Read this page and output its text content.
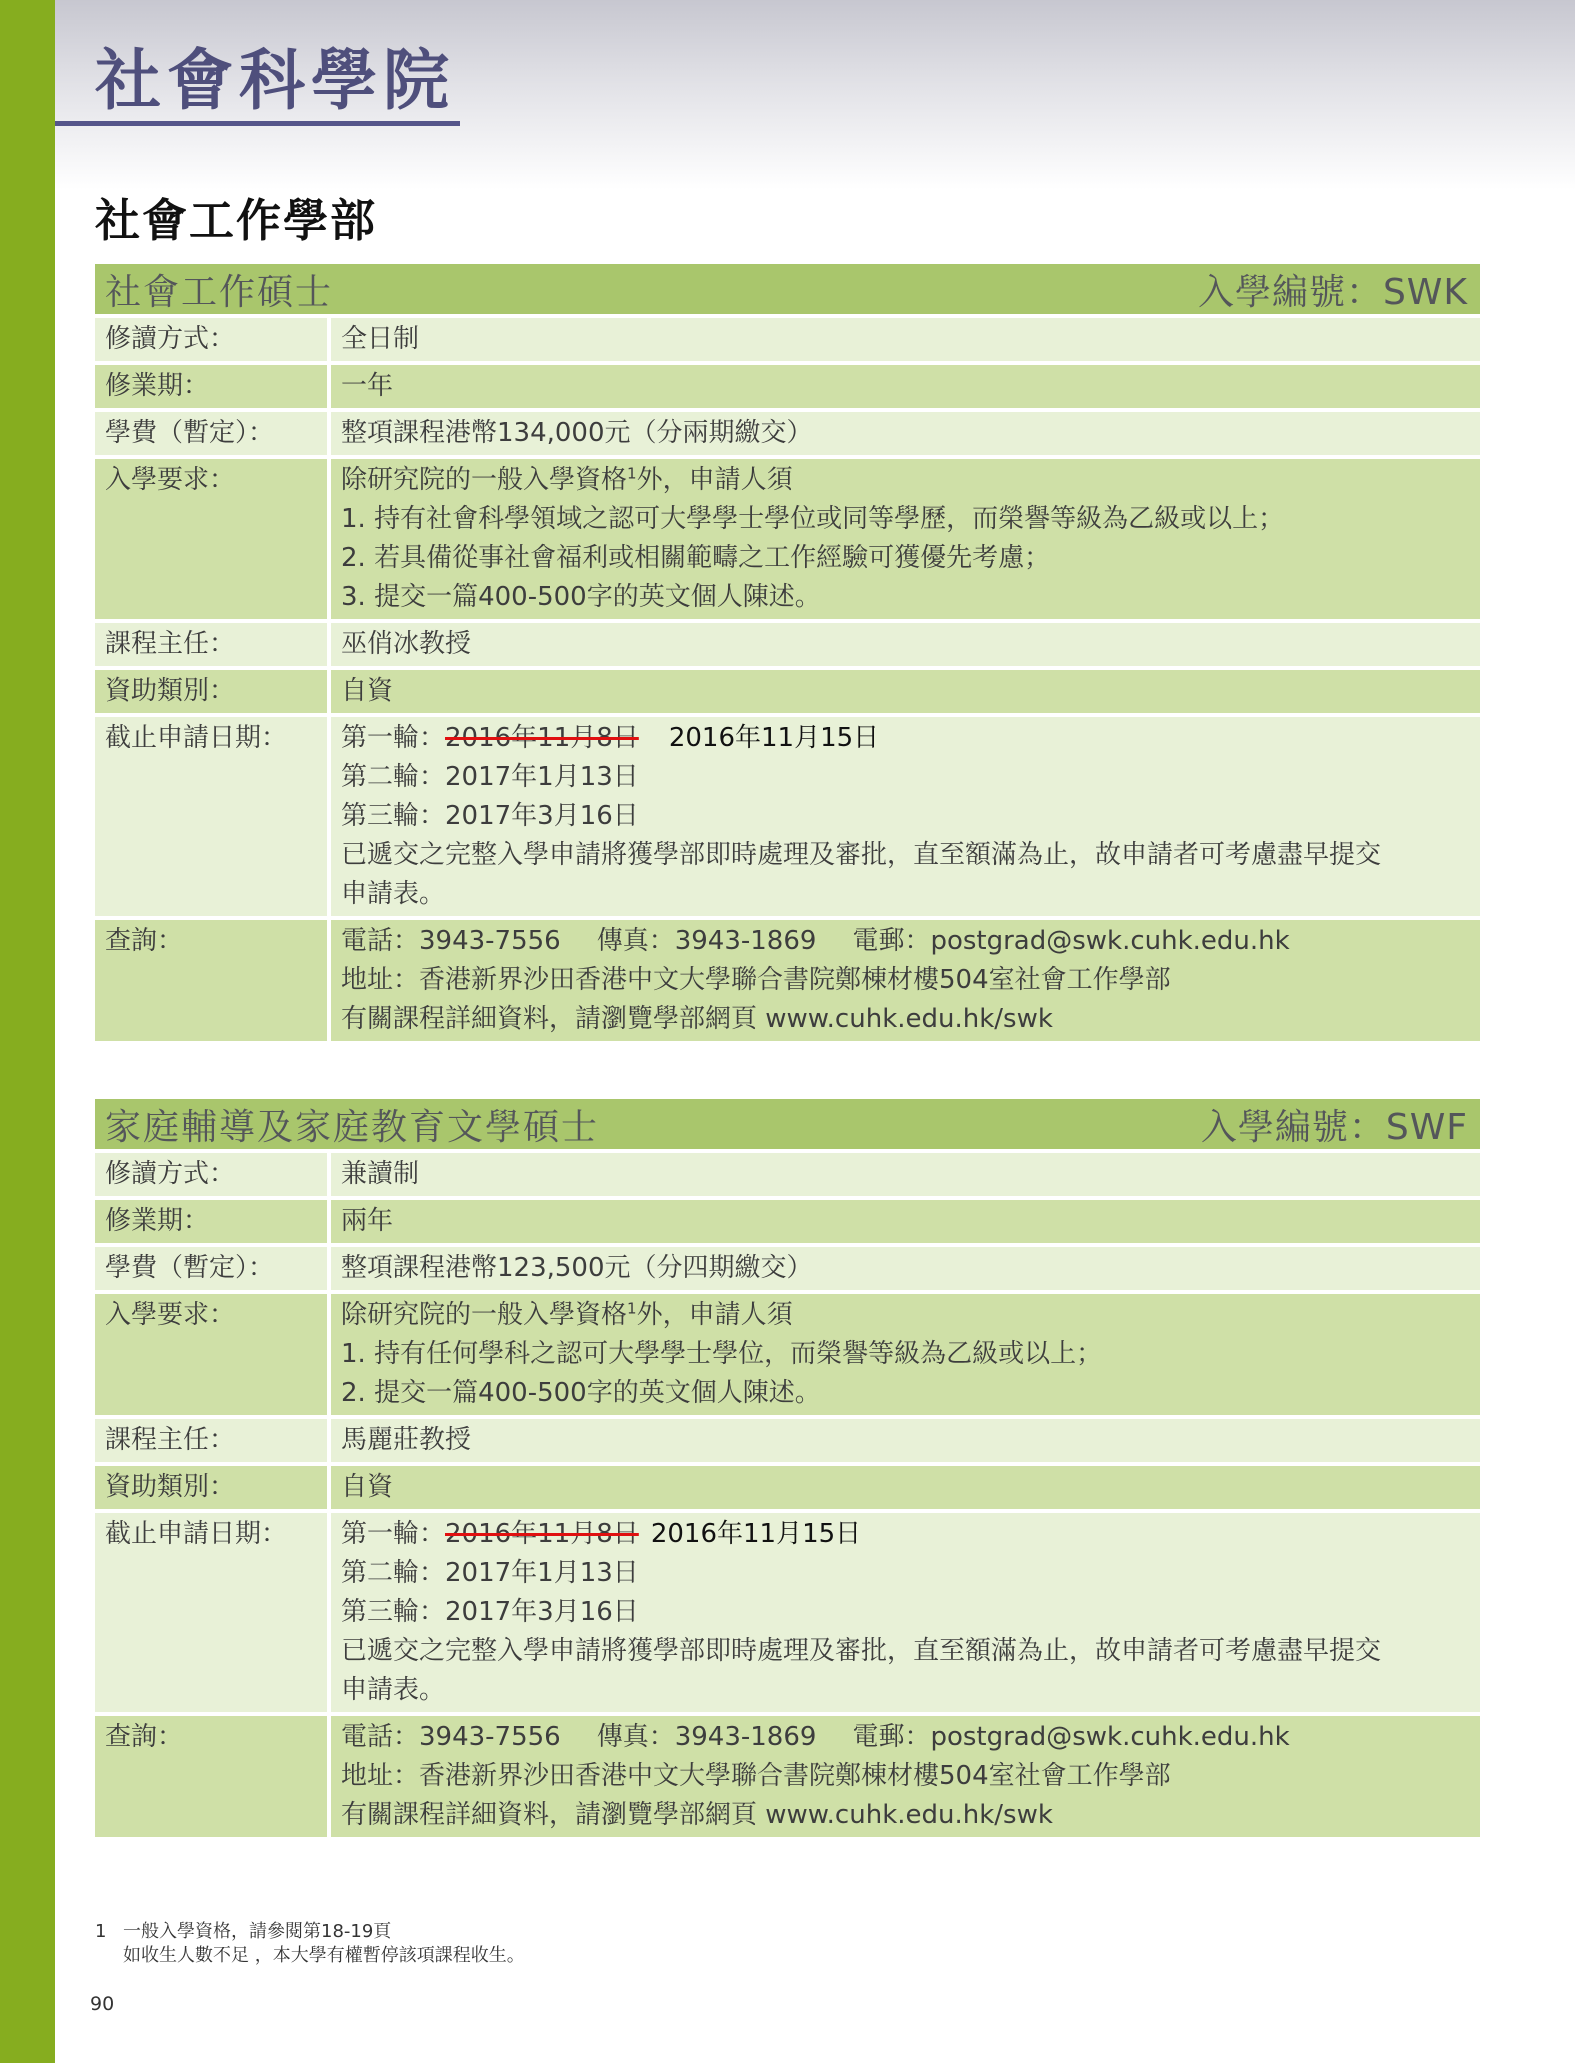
社會科學院
社會工作學部
社會工作碩士	入學編號：SWK
修讀方式：	全日制
修業期：	一年
學費（暫定）：	整項課程港幣134,000元（分兩期繳交）
入學要求：	除研究院的一般入學資格$^1$外，申請人須
1. 持有社會科學領域之認可大學學士學位或同等學歷，而榮譽等級為乙級或以上；
2. 若具備從事社會福利或相關範疇之工作經驗可獲優先考慮；
3. 提交一篇400-500字的英文個人陳述。
課程主任：	巫俏冰教授
資助類別：	自資
截止申請日期：	第一輪：2016年11月8日 2016年11月15日
第二輪：2017年1月13日
第三輪：2017年3月16日
已遞交之完整入學申請將獲學部即時處理及審批，直至額滿為止，故申請者可考慮盡早提交
申請表。
查詢：	電話：3943-7556 傳真：3943-1869 電郵：postgrad@swk.cuhk.edu.hk
地址：香港新界沙田香港中文大學聯合書院鄭棟材樓504室社會工作學部
有關課程詳細資料，請瀏覽學部網頁 www.cuhk.edu.hk/swk
家庭輔導及家庭教育文學碩士	入學編號：SWF
修讀方式：	兼讀制
修業期：	兩年
學費（暫定）：	整項課程港幣123,500元（分四期繳交）
入學要求：	除研究院的一般入學資格$^1$外，申請人須
1. 持有任何學科之認可大學學士學位，而榮譽等級為乙級或以上；
2. 提交一篇400-500字的英文個人陳述。
課程主任：	馬麗莊教授
資助類別：	自資
截止申請日期：	第一輪：2016年11月8日 2016年11月15日
第二輪：2017年1月13日
第三輪：2017年3月16日
已遞交之完整入學申請將獲學部即時處理及審批，直至額滿為止，故申請者可考慮盡早提交
申請表。
查詢：	電話：3943-7556 傳真：3943-1869 電郵：postgrad@swk.cuhk.edu.hk
地址：香港新界沙田香港中文大學聯合書院鄭棟材樓504室社會工作學部
有關課程詳細資料，請瀏覽學部網頁 www.cuhk.edu.hk/swk
1 一般入學資格，請參閱第18-19頁
如收生人數不足 ，本大學有權暫停該項課程收生。
90
